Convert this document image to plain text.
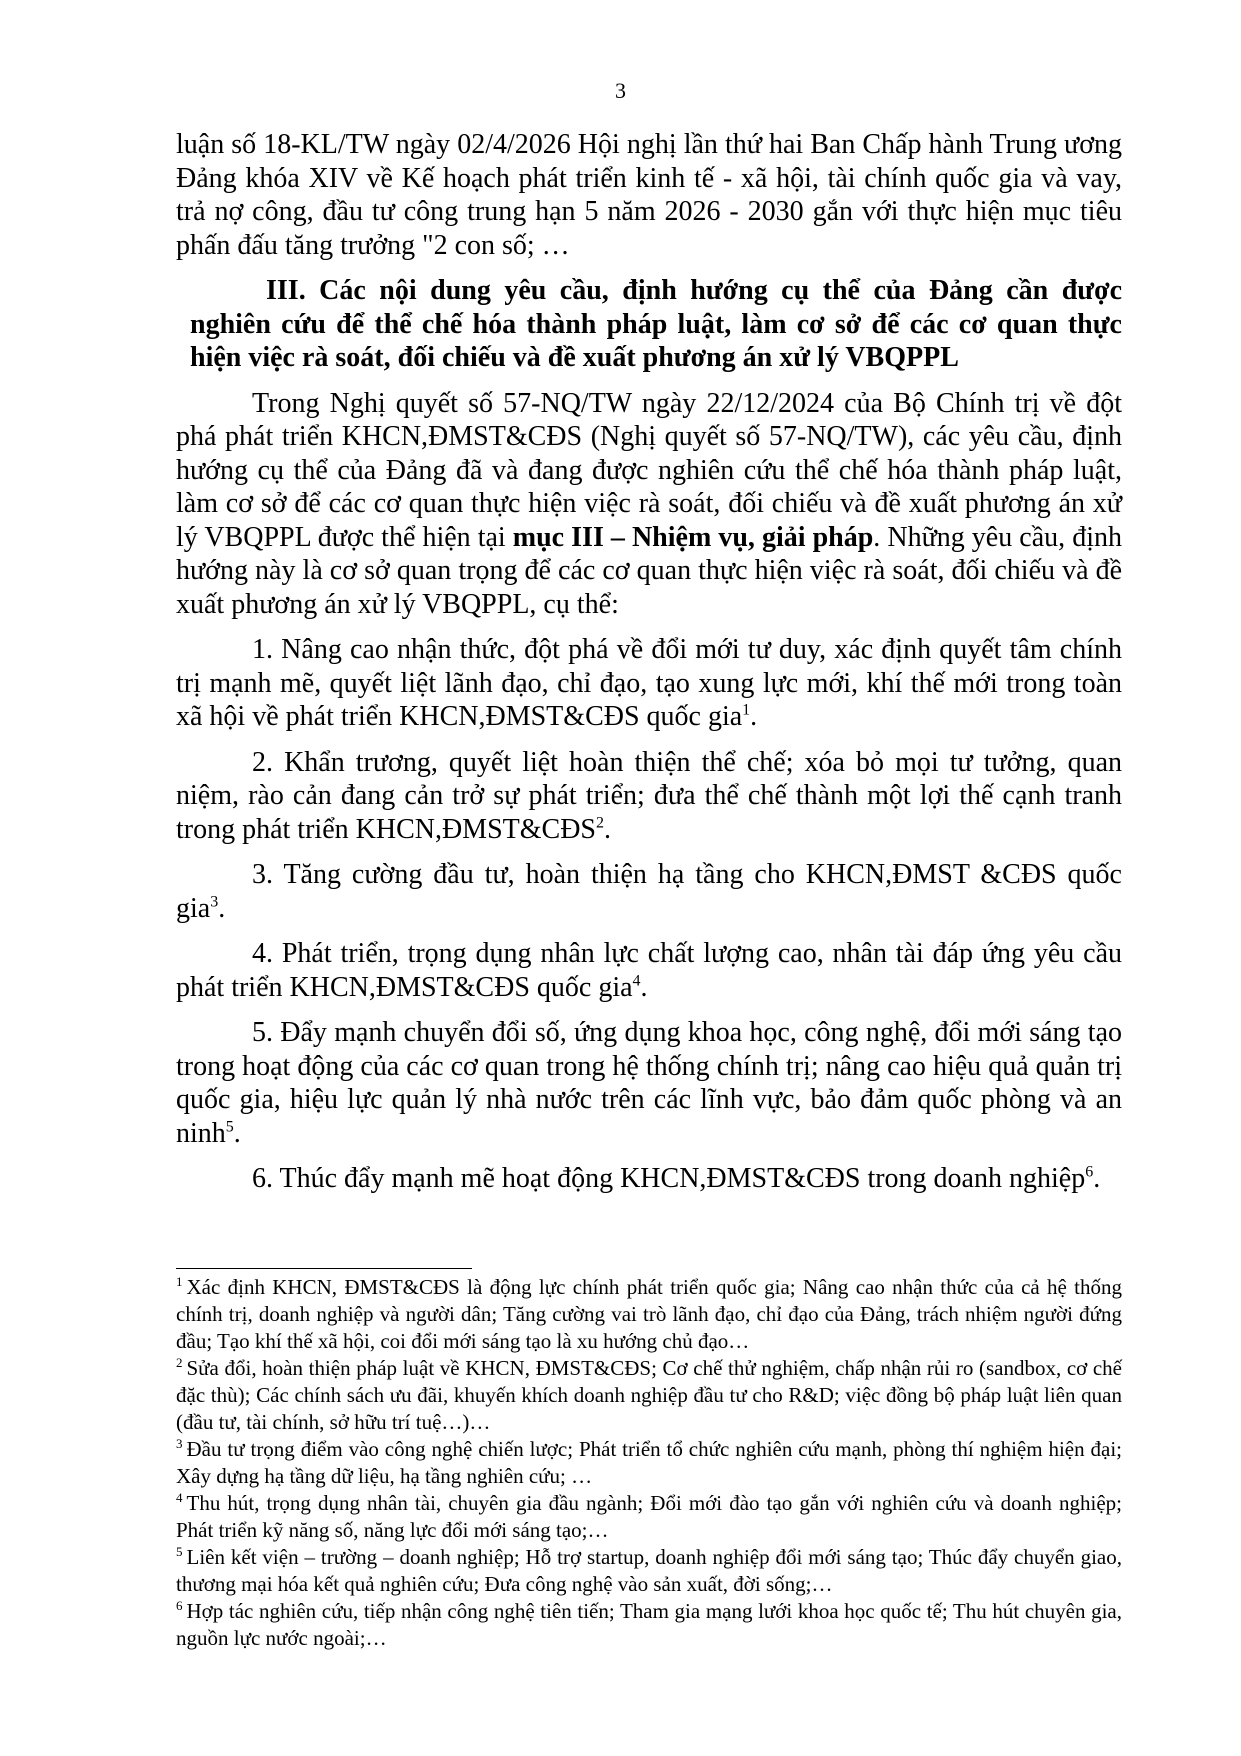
3

luận số 18-KL/TW ngày 02/4/2026 Hội nghị lần thứ hai Ban Chấp hành Trung ương Đảng khóa XIV về Kế hoạch phát triển kinh tế - xã hội, tài chính quốc gia và vay, trả nợ công, đầu tư công trung hạn 5 năm 2026 - 2030 gắn với thực hiện mục tiêu phấn đấu tăng trưởng "2 con số; …

III. Các nội dung yêu cầu, định hướng cụ thể của Đảng cần được nghiên cứu để thể chế hóa thành pháp luật, làm cơ sở để các cơ quan thực hiện việc rà soát, đối chiếu và đề xuất phương án xử lý VBQPPL

Trong Nghị quyết số 57-NQ/TW ngày 22/12/2024 của Bộ Chính trị về đột phá phát triển KHCN,ĐMST&CĐS (Nghị quyết số 57-NQ/TW), các yêu cầu, định hướng cụ thể của Đảng đã và đang được nghiên cứu thể chế hóa thành pháp luật, làm cơ sở để các cơ quan thực hiện việc rà soát, đối chiếu và đề xuất phương án xử lý VBQPPL được thể hiện tại mục III – Nhiệm vụ, giải pháp. Những yêu cầu, định hướng này là cơ sở quan trọng để các cơ quan thực hiện việc rà soát, đối chiếu và đề xuất phương án xử lý VBQPPL, cụ thể:

1. Nâng cao nhận thức, đột phá về đổi mới tư duy, xác định quyết tâm chính trị mạnh mẽ, quyết liệt lãnh đạo, chỉ đạo, tạo xung lực mới, khí thế mới trong toàn xã hội về phát triển KHCN,ĐMST&CĐS quốc gia$^1$.

2. Khẩn trương, quyết liệt hoàn thiện thể chế; xóa bỏ mọi tư tưởng, quan niệm, rào cản đang cản trở sự phát triển; đưa thể chế thành một lợi thế cạnh tranh trong phát triển KHCN,ĐMST&CĐS$^2$.

3. Tăng cường đầu tư, hoàn thiện hạ tầng cho KHCN,ĐMST &CĐS quốc gia$^3$.

4. Phát triển, trọng dụng nhân lực chất lượng cao, nhân tài đáp ứng yêu cầu phát triển KHCN,ĐMST&CĐS quốc gia$^4$.

5. Đẩy mạnh chuyển đổi số, ứng dụng khoa học, công nghệ, đổi mới sáng tạo trong hoạt động của các cơ quan trong hệ thống chính trị; nâng cao hiệu quả quản trị quốc gia, hiệu lực quản lý nhà nước trên các lĩnh vực, bảo đảm quốc phòng và an ninh$^5$.

6. Thúc đẩy mạnh mẽ hoạt động KHCN,ĐMST&CĐS trong doanh nghiệp$^6$.

$^1$ Xác định KHCN, ĐMST&CĐS là động lực chính phát triển quốc gia; Nâng cao nhận thức của cả hệ thống chính trị, doanh nghiệp và người dân; Tăng cường vai trò lãnh đạo, chỉ đạo của Đảng, trách nhiệm người đứng đầu; Tạo khí thế xã hội, coi đổi mới sáng tạo là xu hướng chủ đạo…

$^2$ Sửa đổi, hoàn thiện pháp luật về KHCN, ĐMST&CĐS; Cơ chế thử nghiệm, chấp nhận rủi ro (sandbox, cơ chế đặc thù); Các chính sách ưu đãi, khuyến khích doanh nghiệp đầu tư cho R&D; việc đồng bộ pháp luật liên quan (đầu tư, tài chính, sở hữu trí tuệ…)…

$^3$ Đầu tư trọng điểm vào công nghệ chiến lược; Phát triển tổ chức nghiên cứu mạnh, phòng thí nghiệm hiện đại; Xây dựng hạ tầng dữ liệu, hạ tầng nghiên cứu; …

$^4$ Thu hút, trọng dụng nhân tài, chuyên gia đầu ngành; Đổi mới đào tạo gắn với nghiên cứu và doanh nghiệp; Phát triển kỹ năng số, năng lực đổi mới sáng tạo;…

$^5$ Liên kết viện – trường – doanh nghiệp; Hỗ trợ startup, doanh nghiệp đổi mới sáng tạo; Thúc đẩy chuyển giao, thương mại hóa kết quả nghiên cứu; Đưa công nghệ vào sản xuất, đời sống;…

$^6$ Hợp tác nghiên cứu, tiếp nhận công nghệ tiên tiến; Tham gia mạng lưới khoa học quốc tế; Thu hút chuyên gia, nguồn lực nước ngoài;…
